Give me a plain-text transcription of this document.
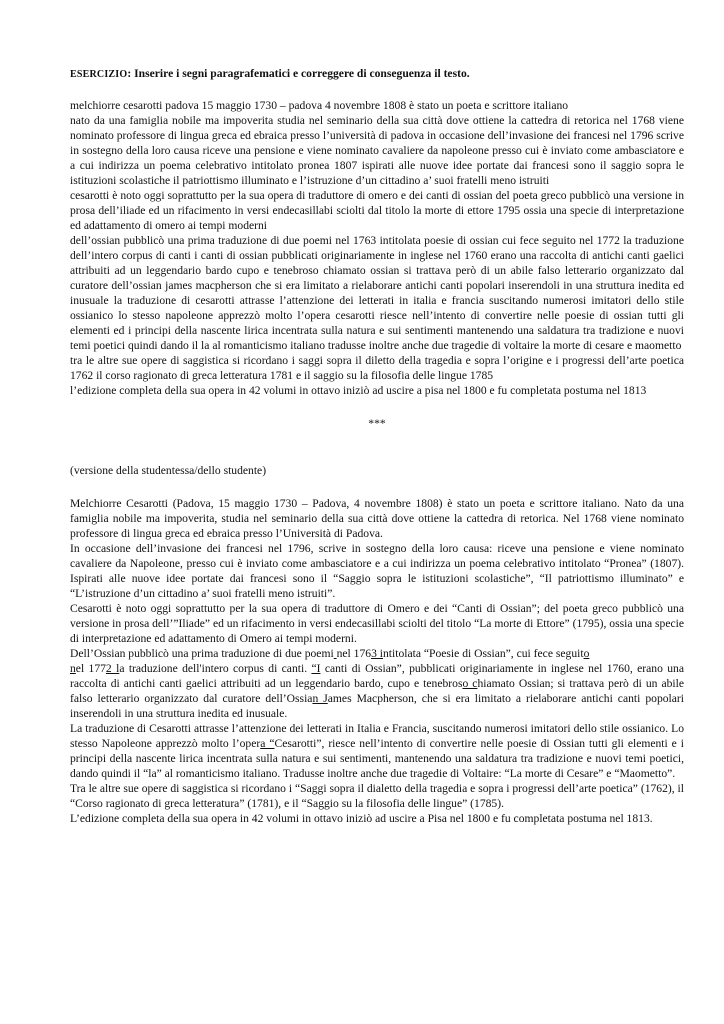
ESERCIZIO: Inserire i segni paragrafematici e correggere di conseguenza il testo.

melchiorre cesarotti padova 15 maggio 1730 – padova 4 novembre 1808 è stato un poeta e scrittore italiano

nato da una famiglia nobile ma impoverita studia nel seminario della sua città dove ottiene la cattedra di retorica nel 1768 viene nominato professore di lingua greca ed ebraica presso l’università di padova in occasione dell’invasione dei francesi nel 1796 scrive in sostegno della loro causa riceve una pensione e viene nominato cavaliere da napoleone presso cui è inviato come ambasciatore e a cui indirizza un poema celebrativo intitolato pronea 1807 ispirati alle nuove idee portate dai francesi sono il saggio sopra le istituzioni scolastiche il patriottismo illuminato e l’istruzione d’un cittadino a’ suoi fratelli meno istruiti

cesarotti è noto oggi soprattutto per la sua opera di traduttore di omero e dei canti di ossian del poeta greco pubblicò una versione in prosa dell’iliade ed un rifacimento in versi endecasillabi sciolti dal titolo la morte di ettore 1795 ossia una specie di interpretazione ed adattamento di omero ai tempi moderni

dell’ossian pubblicò una prima traduzione di due poemi nel 1763 intitolata poesie di ossian cui fece seguito nel 1772 la traduzione dell’intero corpus di canti i canti di ossian pubblicati originariamente in inglese nel 1760 erano una raccolta di antichi canti gaelici attribuiti ad un leggendario bardo cupo e tenebroso chiamato ossian si trattava però di un abile falso letterario organizzato dal curatore dell’ossian james macpherson che si era limitato a rielaborare antichi canti popolari inserendoli in una struttura inedita ed inusuale la traduzione di cesarotti attrasse l’attenzione dei letterati in italia e francia suscitando numerosi imitatori dello stile ossianico lo stesso napoleone apprezzò molto l’opera cesarotti riesce nell’intento di convertire nelle poesie di ossian tutti gli elementi ed i principi della nascente lirica incentrata sulla natura e sui sentimenti mantenendo una saldatura tra tradizione e nuovi temi poetici quindi dando il la al romanticismo italiano tradusse inoltre anche due tragedie di voltaire la morte di cesare e maometto

tra le altre sue opere di saggistica si ricordano i saggi sopra il diletto della tragedia e sopra l’origine e i progressi dell’arte poetica 1762 il corso ragionato di greca letteratura 1781 e il saggio su la filosofia delle lingue 1785

l’edizione completa della sua opera in 42 volumi in ottavo iniziò ad uscire a pisa nel 1800 e fu completata postuma nel 1813

***

(versione della studentessa/dello studente)

Melchiorre Cesarotti (Padova, 15 maggio 1730 – Padova, 4 novembre 1808) è stato un poeta e scrittore italiano. Nato da una famiglia nobile ma impoverita, studia nel seminario della sua città dove ottiene la cattedra di retorica. Nel 1768 viene nominato professore di lingua greca ed ebraica presso l’Università di Padova.

In occasione dell’invasione dei francesi nel 1796, scrive in sostegno della loro causa: riceve una pensione e viene nominato cavaliere da Napoleone, presso cui è inviato come ambasciatore e a cui indirizza un poema celebrativo intitolato “Pronea” (1807). Ispirati alle nuove idee portate dai francesi sono il “Saggio sopra le istituzioni scolastiche”, “Il patriottismo illuminato” e “L’istruzione d’un cittadino a’ suoi fratelli meno istruiti”.

Cesarotti è noto oggi soprattutto per la sua opera di traduttore di Omero e dei “Canti di Ossian”; del poeta greco pubblicò una versione in prosa dell’”Iliade” ed un rifacimento in versi endecasillabi sciolti del titolo “La morte di Ettore” (1795), ossia una specie di interpretazione ed adattamento di Omero ai tempi moderni.

Dell’Ossian pubblicò una prima traduzione di due poemi nel 1763 intitolata “Poesie di Ossian”, cui fece seguito
nel 1772 la traduzione dell'intero corpus di canti. “I canti di Ossian”, pubblicati originariamente in inglese nel 1760, erano una raccolta di antichi canti gaelici attribuiti ad un leggendario bardo, cupo e tenebroso chiamato Ossian; si trattava però di un abile falso letterario organizzato dal curatore dell’Ossian James Macpherson, che si era limitato a rielaborare antichi canti popolari inserendoli in una struttura inedita ed inusuale.

La traduzione di Cesarotti attrasse l’attenzione dei letterati in Italia e Francia, suscitando numerosi imitatori dello stile ossianico. Lo stesso Napoleone apprezzò molto l’opera “Cesarotti”, riesce nell’intento di convertire nelle poesie di Ossian tutti gli elementi e i principi della nascente lirica incentrata sulla natura e sui sentimenti, mantenendo una saldatura tra tradizione e nuovi temi poetici, dando quindi il “la” al romanticismo italiano. Tradusse inoltre anche due tragedie di Voltaire: “La morte di Cesare” e “Maometto”.

Tra le altre sue opere di saggistica si ricordano i “Saggi sopra il dialetto della tragedia e sopra i progressi dell’arte poetica” (1762), il “Corso ragionato di greca letteratura” (1781), e il “Saggio su la filosofia delle lingue” (1785).

L’edizione completa della sua opera in 42 volumi in ottavo iniziò ad uscire a Pisa nel 1800 e fu completata postuma nel 1813.
